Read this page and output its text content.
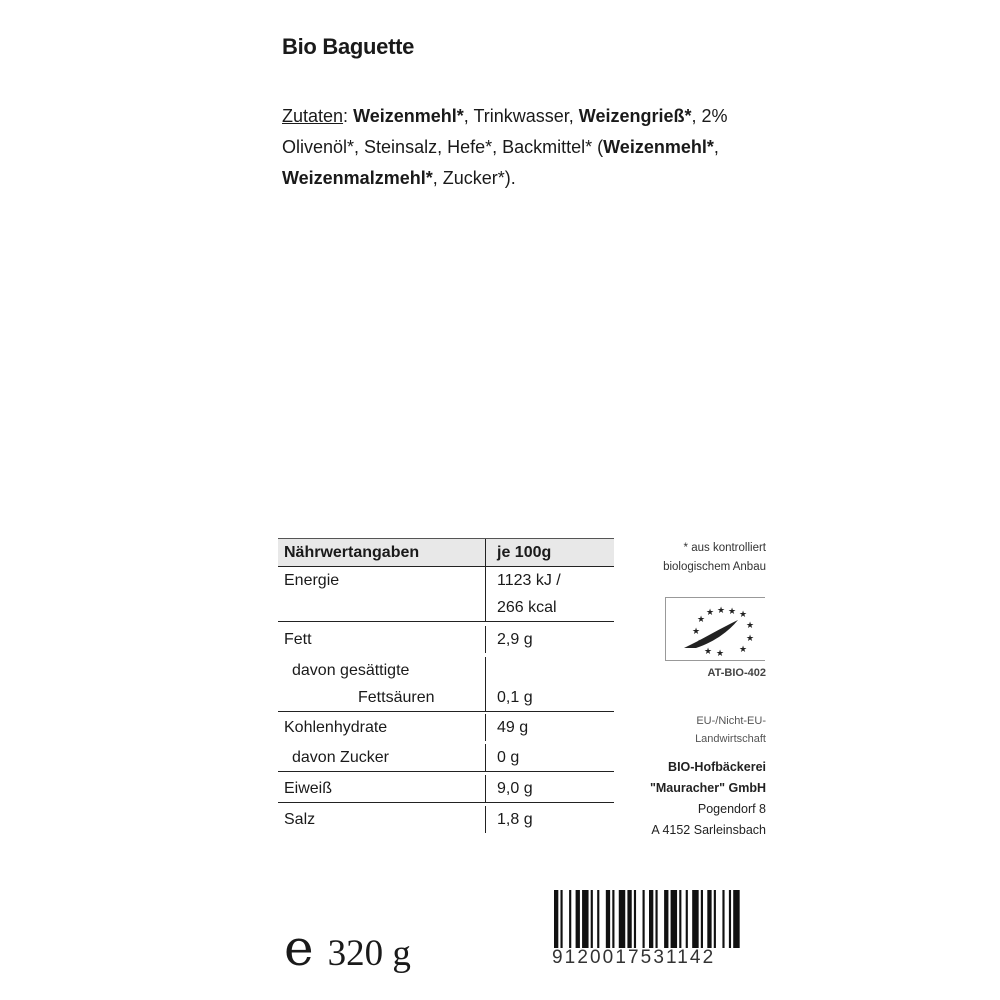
Bio Baguette
Zutaten: Weizenmehl*, Trinkwasser, Weizengrieß*, 2% Olivenöl*, Steinsalz, Hefe*, Backmittel* (Weizenmehl*, Weizenmalzmehl*, Zucker*).
Nährwertangaben	je 100g
Energie	1123 kJ /
266 kcal
Fett	2,9 g
davon gesättigte
Fettsäuren	0,1 g
Kohlenhydrate	49 g
davon Zucker	0 g
Eiweiß	9,0 g
Salz	1,8 g
* aus kontrolliert
biologischem Anbau
★ ★ ★ ★
★
★
★
★
★
★ ★
AT-BIO-402
EU-/Nicht-EU-
Landwirtschaft
BIO-Hofbäckerei
"Mauracher" GmbH
Pogendorf 8
A 4152 Sarleinsbach
e 320 g	9120017531142
